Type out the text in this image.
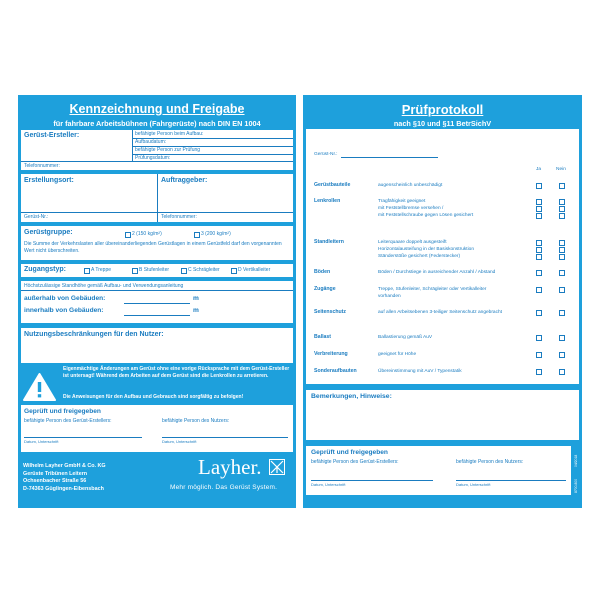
Kennzeichnung und Freigabe
für fahrbare Arbeitsbühnen (Fahrgerüste) nach DIN EN 1004
Gerüst-Ersteller:	befähigte Person beim Aufbau:
Aufbaudatum:
befähigte Person zur Prüfung
Prüfungsdatum:
Telefonnummer:
Erstellungsort:	Auftraggeber:
Gerüst-Nr.:	Telefonnummer:
Gerüstgruppe:	2 (150 kg/m²)	3 (200 kg/m²)
Die Summe der Verkehrslasten aller übereinanderliegenden Gerüstlagen in einem Gerüstfeld darf den vorgenannten Wert nicht überschreiten.
Zugangstyp:	A Treppe	B Stufenleiter	C Schrägleiter	D Vertikalleiter
Höchstzulässige Standhöhe gemäß Aufbau- und Verwendungsanleitung
außerhalb von Gebäuden:	m
innerhalb von Gebäuden:	m
Nutzungsbeschränkungen für den Nutzer:
Eigenmächtige Änderungen am Gerüst ohne eine vorige Rücksprache mit dem Gerüst-Ersteller ist untersagt! Während dem Arbeiten auf dem Gerüst sind die Lenkrollen zu arretieren.
Die Anweisungen für den Aufbau und Gebrauch sind sorgfältig zu befolgen!
Geprüft und freigegeben
befähigte Person des Gerüst-Erstellers:	befähigte Person des Nutzers:
Datum, Unterschrift	Datum, Unterschrift
Wilhelm Layher GmbH & Co. KG
Gerüste Tribünen Leitern
Ochsenbacher Straße 56
D-74363 Güglingen-Eibensbach
Layher.
Mehr möglich. Das Gerüst System.
Prüfprotokoll
nach §10 und §11 BetrSichV
Gerüst-Nr.:
Ja	Nein
Gerüstbauteile	augenscheinlich unbeschädigt
Lenkrollen	Tragfähigkeit geeignet
mit Feststellbremse versehen /
mit Feststellschraube gegen Lösen gesichert
Standleitern	Leiterquaare doppelt ausgesteift
Horizontalausteifung in der Basiskonstruktion
Ständerstöße gesichert (Federstecker)
Böden	Böden / Durchstiege in ausreichender Anzahl / Abstand
Zugänge	Treppe, Stufenleiter, Schrägleiter oder Vertikalleiter
vorhanden
Seitenschutz	auf allen Arbeitsebenen 3-teiliger Seitenschutz angebracht
Ballast	Ballastierung gemäß AuV
Verbreiterung	geeignet für Höhe
Sonderaufbauten	Übereinstimmung mit AuV / Typenstatik
Bemerkungen, Hinweise:
Geprüft und freigegeben
befähigte Person des Gerüst-Erstellers:	befähigte Person des Nutzers:
Datum, Unterschrift	Datum, Unterschrift	8700.800
04/2018
